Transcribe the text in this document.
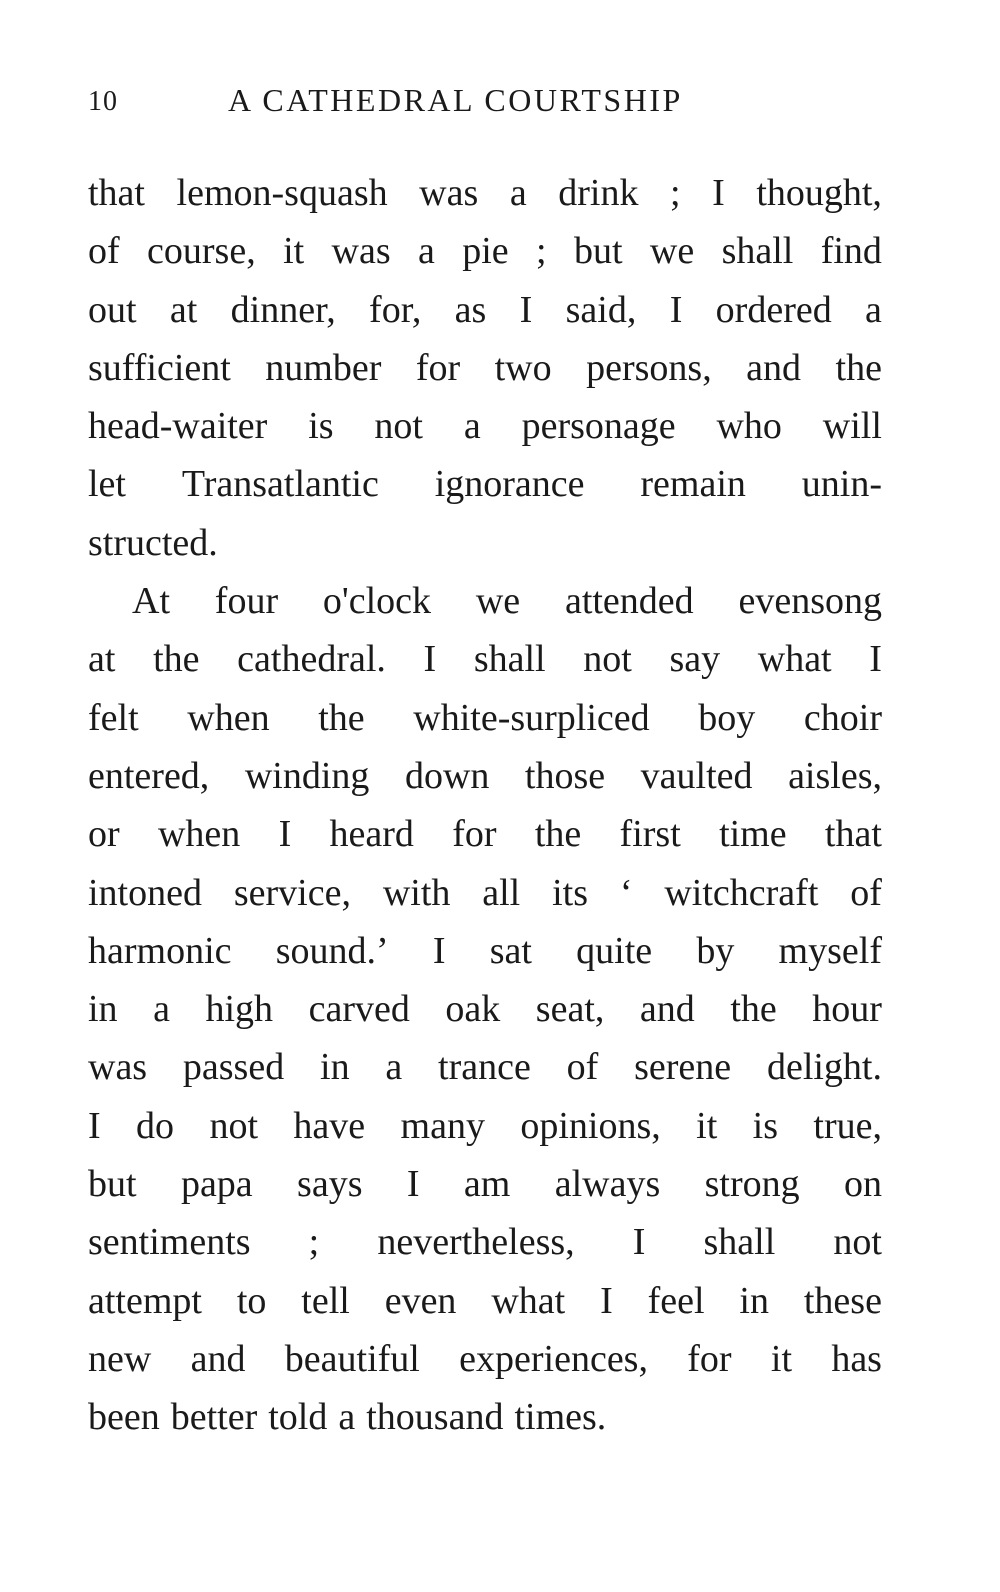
10	A CATHEDRAL COURTSHIP
that lemon-squash was a drink ; I thought,
of course, it was a pie ; but we shall find
out at dinner, for, as I said, I ordered a
sufficient number for two persons, and the
head-waiter is not a personage who will
let Transatlantic ignorance remain unin-
structed.
At four o'clock we attended evensong
at the cathedral. I shall not say what I
felt when the white-surpliced boy choir
entered, winding down those vaulted aisles,
or when I heard for the first time that
intoned service, with all its ‘ witchcraft of
harmonic sound.’ I sat quite by myself
in a high carved oak seat, and the hour
was passed in a trance of serene delight.
I do not have many opinions, it is true,
but papa says I am always strong on
sentiments ; nevertheless, I shall not
attempt to tell even what I feel in these
new and beautiful experiences, for it has
been better told a thousand times.
